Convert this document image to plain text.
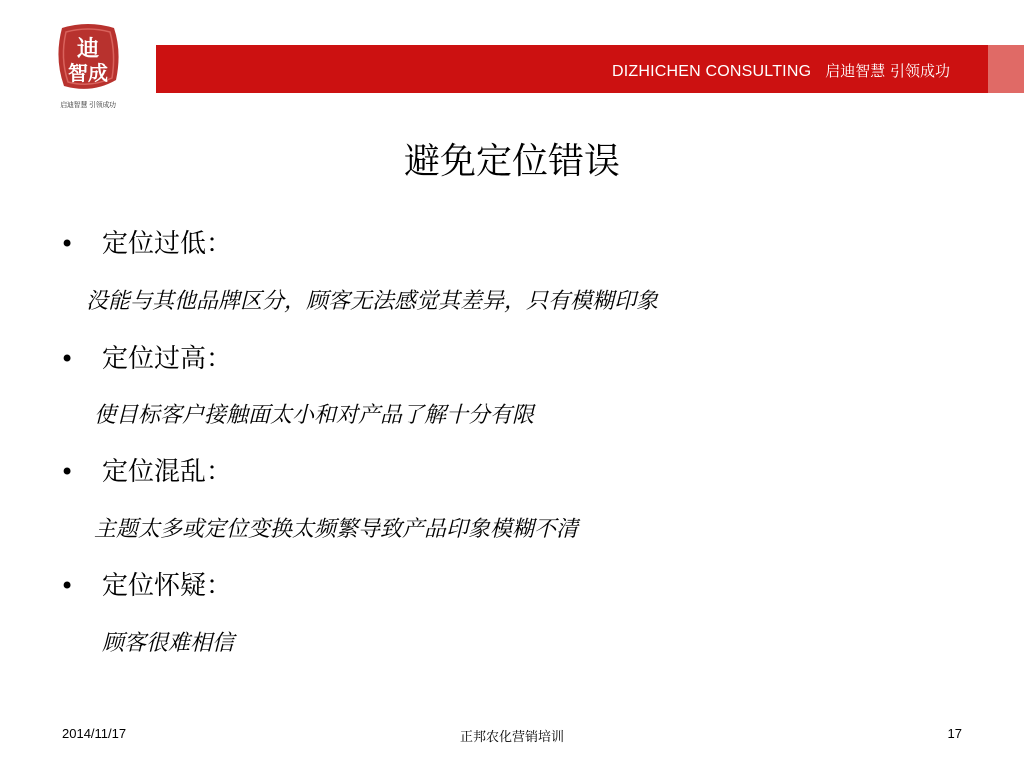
迪
智成
启迪智慧 引领成功
DIZHICHEN CONSULTING 启迪智慧 引领成功
避免定位错误
• 定位过低：
没能与其他品牌区分，顾客无法感觉其差异，只有模糊印象
• 定位过高：
使目标客户接触面太小和对产品了解十分有限
• 定位混乱：
主题太多或定位变换太频繁导致产品印象模糊不清
• 定位怀疑：
顾客很难相信
2014/11/17	正邦农化营销培训	17
